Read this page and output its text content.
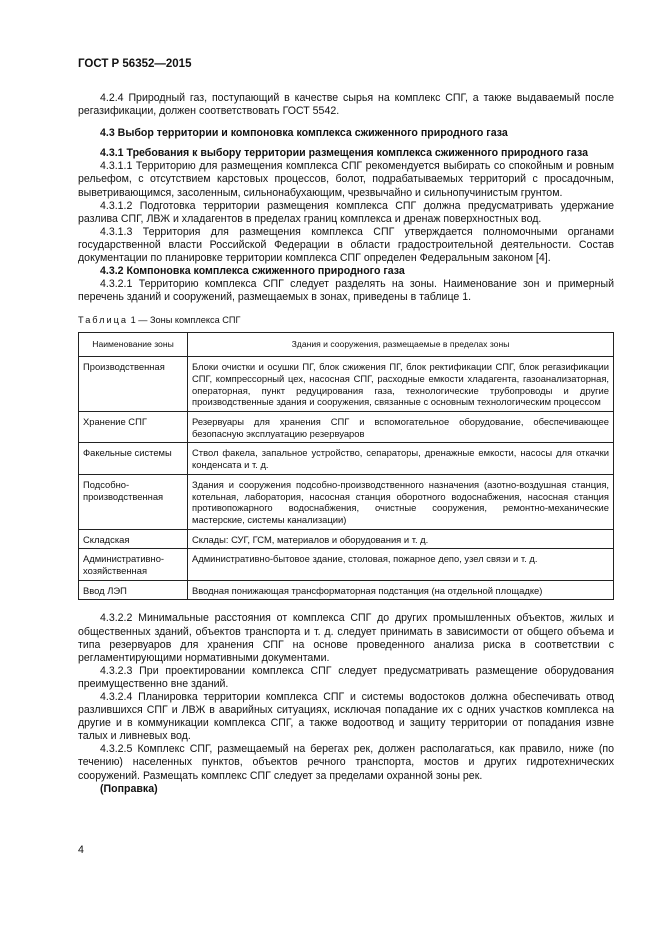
ГОСТ Р 56352—2015
4.2.4 Природный газ, поступающий в качестве сырья на комплекс СПГ, а также выдаваемый после регазификации, должен соответствовать ГОСТ 5542.
4.3 Выбор территории и компоновка комплекса сжиженного природного газа
4.3.1 Требования к выбору территории размещения комплекса сжиженного природного газа
4.3.1.1 Территорию для размещения комплекса СПГ рекомендуется выбирать со спокойным и ровным рельефом, с отсутствием карстовых процессов, болот, подрабатываемых территорий с просадочным, выветривающимся, засоленным, сильнонабухающим, чрезвычайно и сильнопучинистым грунтом.
4.3.1.2 Подготовка территории размещения комплекса СПГ должна предусматривать удержание разлива СПГ, ЛВЖ и хладагентов в пределах границ комплекса и дренаж поверхностных вод.
4.3.1.3 Территория для размещения комплекса СПГ утверждается полномочными органами государственной власти Российской Федерации в области градостроительной деятельности. Состав документации по планировке территории комплекса СПГ определен Федеральным законом [4].
4.3.2 Компоновка комплекса сжиженного природного газа
4.3.2.1 Территорию комплекса СПГ следует разделять на зоны. Наименование зон и примерный перечень зданий и сооружений, размещаемых в зонах, приведены в таблице 1.
Таблица 1 — Зоны комплекса СПГ
Наименование зоны	Здания и сооружения, размещаемые в пределах зоны
Производственная	Блоки очистки и осушки ПГ, блок сжижения ПГ, блок ректификации СПГ, блок регазификации СПГ, компрессорный цех, насосная СПГ, расходные емкости хладагента, газоанализаторная, операторная, пункт редуцирования газа, технологические трубопроводы и другие производственные здания и сооружения, связанные с основным технологическим процессом
Хранение СПГ	Резервуары для хранения СПГ и вспомогательное оборудование, обеспечивающее безопасную эксплуатацию резервуаров
Факельные системы	Ствол факела, запальное устройство, сепараторы, дренажные емкости, насосы для откачки конденсата и т. д.
Подсобно-производственная	Здания и сооружения подсобно-производственного назначения (азотно-воздушная станция, котельная, лаборатория, насосная станция оборотного водоснабжения, насосная станция противопожарного водоснабжения, очистные сооружения, ремонтно-механические мастерские, системы канализации)
Складская	Склады: СУГ, ГСМ, материалов и оборудования и т. д.
Административно-хозяйственная	Административно-бытовое здание, столовая, пожарное депо, узел связи и т. д.
Ввод ЛЭП	Вводная понижающая трансформаторная подстанция (на отдельной площадке)
4.3.2.2 Минимальные расстояния от комплекса СПГ до других промышленных объектов, жилых и общественных зданий, объектов транспорта и т. д. следует принимать в зависимости от общего объема и типа резервуаров для хранения СПГ на основе проведенного анализа риска в соответствии с регламентирующими нормативными документами.
4.3.2.3 При проектировании комплекса СПГ следует предусматривать размещение оборудования преимущественно вне зданий.
4.3.2.4 Планировка территории комплекса СПГ и системы водостоков должна обеспечивать отвод разлившихся СПГ и ЛВЖ в аварийных ситуациях, исключая попадание их с одних участков комплекса на другие и в коммуникации комплекса СПГ, а также водоотвод и защиту территории от попадания извне талых и ливневых вод.
4.3.2.5 Комплекс СПГ, размещаемый на берегах рек, должен располагаться, как правило, ниже (по течению) населенных пунктов, объектов речного транспорта, мостов и других гидротехнических сооружений. Размещать комплекс СПГ следует за пределами охранной зоны рек.
(Поправка)
4
